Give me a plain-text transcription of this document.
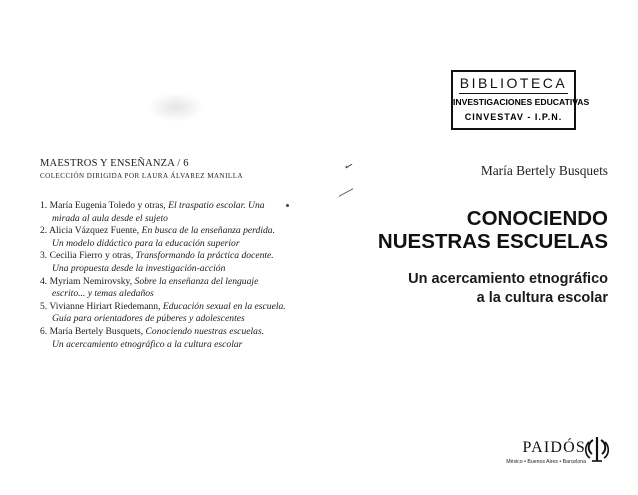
MAESTROS Y ENSEÑANZA / 6
COLECCIÓN DIRIGIDA POR LAURA ÁLVAREZ MANILLA
1. María Eugenia Toledo y otras, El traspatio escolar. Una
mirada al aula desde el sujeto
2. Alicia Vázquez Fuente, En busca de la enseñanza perdida.
Un modelo didáctico para la educación superior
3. Cecilia Fierro y otras, Transformando la práctica docente.
Una propuesta desde la investigación-acción
4. Myriam Nemirovsky, Sobre la enseñanza del lenguaje
escrito... y temas aledaños
5. Vivianne Hiriart Riedemann, Educación sexual en la escuela.
Guía para orientadores de púberes y adolescentes
6. María Bertely Busquets, Conociendo nuestras escuelas.
Un acercamiento etnográfico a la cultura escolar
✓
BIBLIOTECA
INVESTIGACIONES EDUCATIVAS
CINVESTAV - I.P.N.
María Bertely Busquets
CONOCIENDO
NUESTRAS ESCUELAS
Un acercamiento etnográfico
a la cultura escolar
PAIDÓS
México • Buenos Aires • Barcelona
